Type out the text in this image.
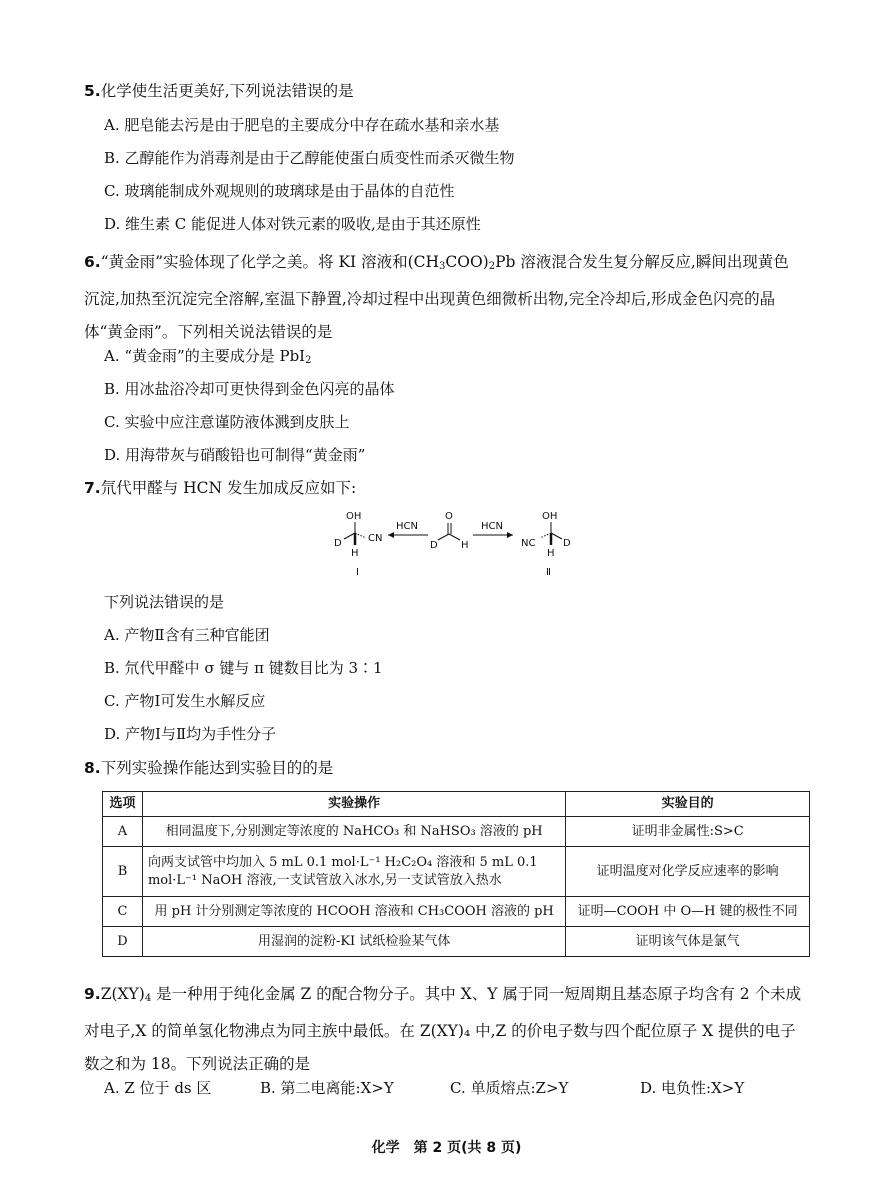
5.化学使生活更美好,下列说法错误的是
A. 肥皂能去污是由于肥皂的主要成分中存在疏水基和亲水基
B. 乙醇能作为消毒剂是由于乙醇能使蛋白质变性而杀灭微生物
C. 玻璃能制成外观规则的玻璃球是由于晶体的自范性
D. 维生素 C 能促进人体对铁元素的吸收,是由于其还原性
6.“黄金雨”实验体现了化学之美。将 KI 溶液和$(CH_3COO)_2Pb$ 溶液混合发生复分解反应,瞬间出现黄色沉淀,加热至沉淀完全溶解,室温下静置,冷却过程中出现黄色细微析出物,完全冷却后,形成金色闪亮的晶体“黄金雨”。下列相关说法错误的是
A. “黄金雨”的主要成分是 PbI$_2$
B. 用冰盐浴冷却可更快得到金色闪亮的晶体
C. 实验中应注意谨防液体溅到皮肤上
D. 用海带灰与硝酸铅也可制得“黄金雨”
7.氘代甲醛与 HCN 发生加成反应如下:
OH
D	CN
H
Ⅰ
HCN
O
D H
HCN
OH
NC	D
H
Ⅱ
下列说法错误的是
A. 产物Ⅱ含有三种官能团
B. 氘代甲醛中 σ 键与 π 键数目比为 3∶1
C. 产物Ⅰ可发生水解反应
D. 产物Ⅰ与Ⅱ均为手性分子
8.下列实验操作能达到实验目的的是
选项	实验操作	实验目的
A	相同温度下,分别测定等浓度的 NaHCO₃ 和 NaHSO₃ 溶液的 pH	证明非金属性:S>C
B	向两支试管中均加入 5 mL 0.1 mol·L⁻¹ H₂C₂O₄ 溶液和 5 mL 0.1 mol·L⁻¹ NaOH 溶液,一支试管放入冰水,另一支试管放入热水	证明温度对化学反应速率的影响
C	用 pH 计分别测定等浓度的 HCOOH 溶液和 CH₃COOH 溶液的 pH	证明—COOH 中 O—H 键的极性不同
D	用湿润的淀粉-KI 试纸检验某气体	证明该气体是氯气
$9.Z(XY)_4$ 是一种用于纯化金属 Z 的配合物分子。其中 X、Y 属于同一短周期且基态原子均含有 2 个未成对电子,X 的简单氢化物沸点为同主族中最低。在 Z(XY)₄ 中,Z 的价电子数与四个配位原子 X 提供的电子数之和为 18。下列说法正确的是
A. Z 位于 ds 区	B. 第二电离能:X>Y	C. 单质熔点:Z>Y	D. 电负性:X>Y
化学　第 2 页(共 8 页)
